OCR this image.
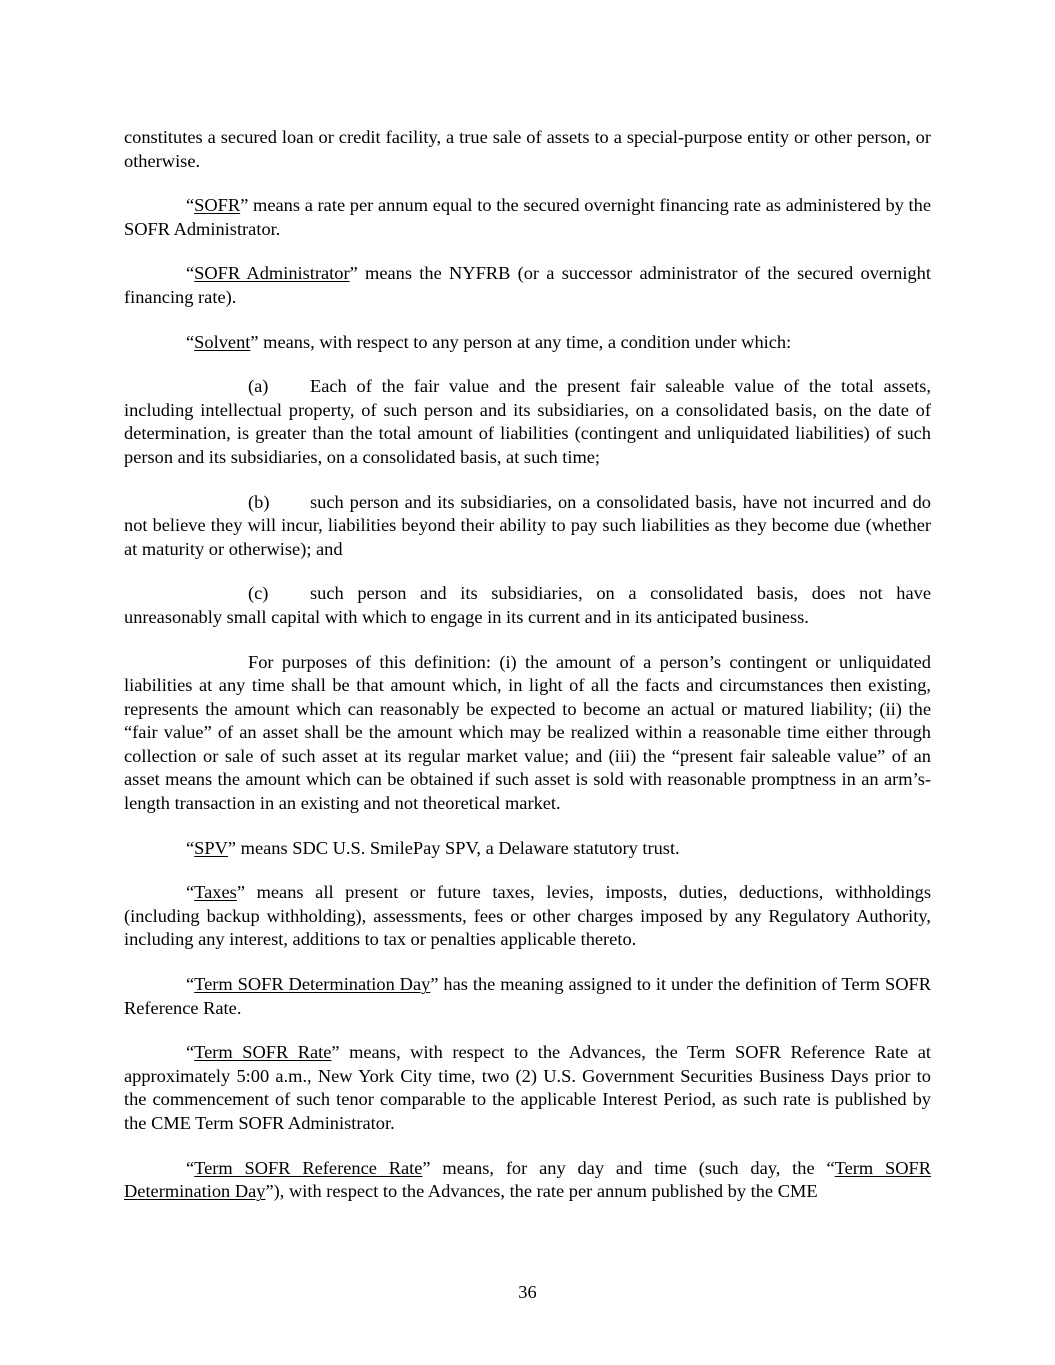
constitutes a secured loan or credit facility, a true sale of assets to a special-purpose entity or other person, or otherwise.

“SOFR” means a rate per annum equal to the secured overnight financing rate as administered by the SOFR Administrator.

“SOFR Administrator” means the NYFRB (or a successor administrator of the secured overnight financing rate).

“Solvent” means, with respect to any person at any time, a condition under which:

(a) Each of the fair value and the present fair saleable value of the total assets, including intellectual property, of such person and its subsidiaries, on a consolidated basis, on the date of determination, is greater than the total amount of liabilities (contingent and unliquidated liabilities) of such person and its subsidiaries, on a consolidated basis, at such time;

(b) such person and its subsidiaries, on a consolidated basis, have not incurred and do not believe they will incur, liabilities beyond their ability to pay such liabilities as they become due (whether at maturity or otherwise); and

(c) such person and its subsidiaries, on a consolidated basis, does not have unreasonably small capital with which to engage in its current and in its anticipated business.

For purposes of this definition: (i) the amount of a person’s contingent or unliquidated liabilities at any time shall be that amount which, in light of all the facts and circumstances then existing, represents the amount which can reasonably be expected to become an actual or matured liability; (ii) the “fair value” of an asset shall be the amount which may be realized within a reasonable time either through collection or sale of such asset at its regular market value; and (iii) the “present fair saleable value” of an asset means the amount which can be obtained if such asset is sold with reasonable promptness in an arm’s-length transaction in an existing and not theoretical market.

“SPV” means SDC U.S. SmilePay SPV, a Delaware statutory trust.

“Taxes” means all present or future taxes, levies, imposts, duties, deductions, withholdings (including backup withholding), assessments, fees or other charges imposed by any Regulatory Authority, including any interest, additions to tax or penalties applicable thereto.

“Term SOFR Determination Day” has the meaning assigned to it under the definition of Term SOFR Reference Rate.

“Term SOFR Rate” means, with respect to the Advances, the Term SOFR Reference Rate at approximately 5:00 a.m., New York City time, two (2) U.S. Government Securities Business Days prior to the commencement of such tenor comparable to the applicable Interest Period, as such rate is published by the CME Term SOFR Administrator.

“Term SOFR Reference Rate” means, for any day and time (such day, the “Term SOFR Determination Day”), with respect to the Advances, the rate per annum published by the CME

36
